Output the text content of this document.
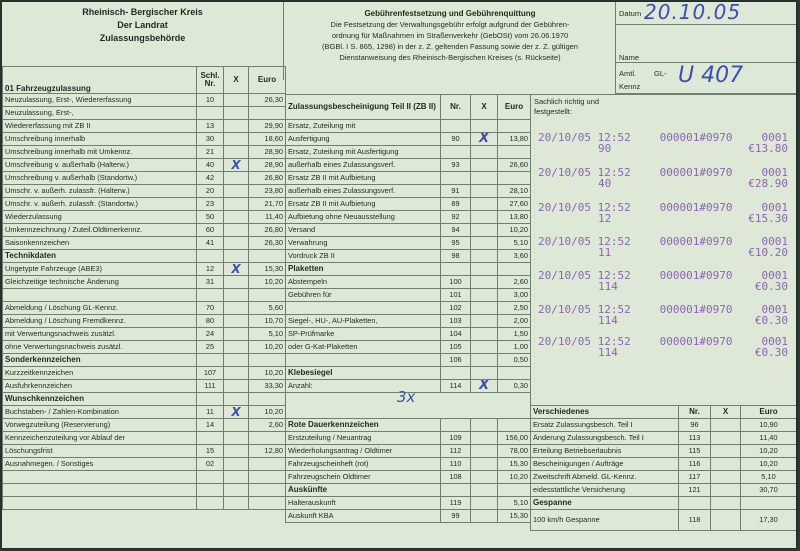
Rheinisch- Bergischer Kreis
Der Landrat
Zulassungsbehörde
Gebührenfestsetzung und Gebührenquittung
Die Festsetzung der Verwaltungsgebühr erfolgt aufgrund der Gebühren-
ordnung für Maßnahmen im Straßenverkehr (GebOSt) vom 26.06.1970
(BGBl. I S. 865, 1298) in der z. Z. geltenden Fassung sowie der z. Z. gültigen
Dienstanweisung des Rheinisch-Bergischen Kreises (s. Rückseite)
Datum 20.10.05
Name
Amtl. GL-
Kennz U 407
01 Fahrzeugzulassung	Schl. Nr.	X	Euro
Neuzulassung, Erst-, Wiedererfassung	10		26,30
Neuzulassung, Erst-,			
Wiedererfassung mit ZB II	13		29,90
Umschreibung innerhalb	30		18,60
Umschreibung innerhalb mit Umkennz.	21		28,90
Umschreibung v. außerhalb (Halterw.)	40	X	28,90
Umschreibung v. außerhalb (Standortw.)	42		26,80
Umschr. v. außerh. zulassfr. (Halterw.)	20		23,80
Umschr. v. außerh. zulassfr. (Standortw.)	23		21,70
Wiederzulassung	50		11,40
Umkennzeichnung / Zuteil.Oldtimerkennz.	60		26,80
Saisonkennzeichen	41		26,30
Technikdaten			
Ungetypte Fahrzeuge (ABE3)	12	X	15,30
Gleichzeitige technische Änderung	31		10,20

Abmeldung / Löschung GL-Kennz.	70		5,60
Abmeldung / Löschung Fremdkennz.	80		10,70
mit Verwertungsnachweis zusätzl.	24		5,10
ohne Verwertungsnachweis zusätzl.	25		10,20
Sonderkennzeichen			
Kurzzeitkennzeichen	107		10,20
Ausfuhrkennzeichen	111		33,30
Wunschkennzeichen			
Buchstaben- / Zahlen-Kombination	11	X	10,20
Vorwegzuteilung (Reservierung)	14		2,60
Kennzeichenzuteilung vor Ablauf der			
Löschungsfrist	15		12,80
Ausnahmegen. / Sonstiges	02		

Zulassungsbescheinigung Teil II (ZB II)	Nr.	X	Euro
Ersatz, Zuteilung mit			
Ausfertigung	90	X	13,80
Ersatz, Zuteilung mit Ausfertigung			
außerhalb eines Zulassungsverf.	93		26,60
Ersatz ZB II mit Aufbietung			
außerhalb eines Zulassungsverf.	91		28,10
Ersatz ZB II mit Aufbietung	89		27,60
Aufbietung ohne Neuausstellung	92		13,80
Versand	94		10,20
Verwahrung	95		5,10
Vordruck ZB II	98		3,60
Plaketten			
Abstempeln	100		2,60
Gebühren für	101		3,00
	102		2,50
Siegel-, HU-, AU-Plaketten,	103		2,00
SP-Prüfmarke	104		1,50
oder G-Kat-Plaketten	105		1,00
	106		0,50
Klebesiegel			
Anzahl:	114	X	0,30
Sachlich richtig und
festgestellt:
20/10/05 12:52	000001#0970	0001
90	€13.80
20/10/05 12:52	000001#0970	0001
40	€28.90
20/10/05 12:52	000001#0970	0001
12	€15.30
20/10/05 12:52	000001#0970	0001
11	€10.20
20/10/05 12:52	000001#0970	0001
114	€0.30
20/10/05 12:52	000001#0970	0001
114	€0.30
20/10/05 12:52	000001#0970	0001
114	€0.30
3x
Rote Dauerkennzeichen			
Erstzuteilung / Neuantrag	109		156,00
Wiederholungsantrag / Oldtimer	112		78,00
Fahrzeugscheinheft (rot)	110		15,30
Fahrzeugschein Oldtimer	108		10,20
Auskünfte			
Halterauskunft	119		5,10
Auskunft KBA	99		15,30
Verschiedenes	Nr.	X	Euro
Ersatz Zulassungsbesch. Teil I	96		10,90
Änderung Zulassungsbesch. Teil I	113		11,40
Erteilung Betriebserlaubnis	115		10,20
Bescheinigungen / Aufträge	116		10,20
Zweitschrift Abmeld. GL-Kennz.	117		5,10
eidesstattliche Versicherung	121		30,70
Gespanne			
100 km/h Gespanne	118		17,30
